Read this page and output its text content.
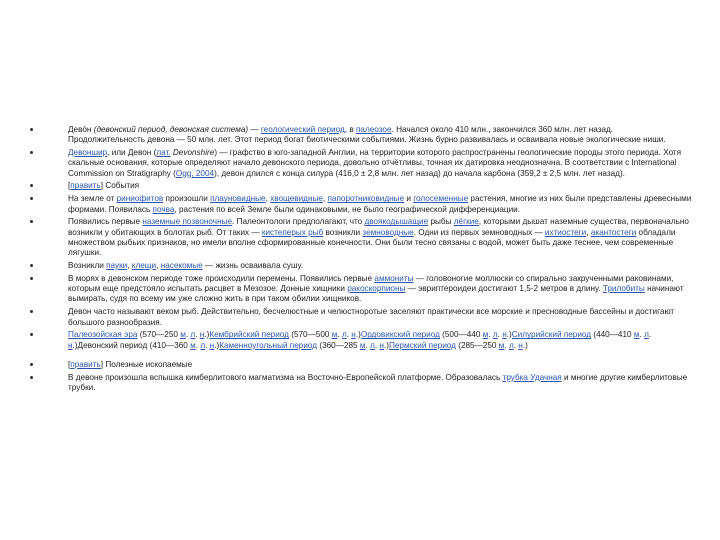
Дево́н (девонский период, девонская система) — геологический период, в палеозое. Начался около 410 млн., закончился 360 млн. лет назад. Продолжительность девона — 50 млн. лет. Этот период богат биотическими событиями. Жизнь бурно развивалась и осваивала новые экологические ниши.
Девоншир, или Девон (лат. Devonshire) — графство в юго-западной Англии, на территории которого распространены геологические породы этого периода. Хотя скальные основания, которые определяют начало девонского периода, довольно отчётливы, точная их датировка неоднозначна. В соответствии с International Commission on Stratigraphy (Ogg, 2004), девон длился с конца силура (416,0 ± 2,8 млн. лет назад) до начала карбона (359,2 ± 2,5 млн. лет назад).
[править] События
На земле от риниофитов произошли плауновидные, хвощевидные, папоротниковидные и голосеменные растения, многие из них были представлены древесными формами. Появилась почва, растения по всей Земле были одинаковыми, не было географической дифференциации.
Появились первые наземные позвоночные. Палеонтологи предполагают, что двоякодышащие рыбы лёгкие, которыми дышат наземные существа, первоначально возникли у обитающих в болотах рыб. От таких — кистеперых рыб возникли земноводные. Одни из первых земноводных — ихтиостеги, акантостеги обладали множеством рыбьих признаков, но имели вполне сформированные конечности. Они были тесно связаны с водой, может быть даже теснее, чем современные лягушки.
Возникли пауки, клещи, насекомые — жизнь осваивала сушу.
В морях в девонском периоде тоже происходили перемены. Появились первые аммониты — головоногие моллюски со спирально закрученными раковинами, которым еще предстояло испытать расцвет в Мезозое. Донные хищники ракоскорпионы — эвриптероидеи достигают 1,5-2 метров в длину. Трилобиты начинают вымирать, судя по всему им уже сложно жить в при таком обилии хищников.
Девон часто называют веком рыб. Действительно, бесчелюстные и челюстноротые заселяют практически все морские и пресноводные бассейны и достигают большого разнообразия.
Палеозойская эра (570—250 м. л. н.)Кембрийский период (570—500 м. л. н.)Ордовикский период (500—440 м. л. н.)Силурийский период (440—410 м. л. н.)Девонский период (410—360 м. л. н.)Каменноугольный период (360—285 м. л. н.)Пермский период (285—250 м. л. н.)
[править] Полезные ископаемые
В девоне произошла вспышка кимберлитового магматизма на Восточно-Европейской платформе. Образовалась трубка Удачная и многие другие кимберлитовые трубки.
